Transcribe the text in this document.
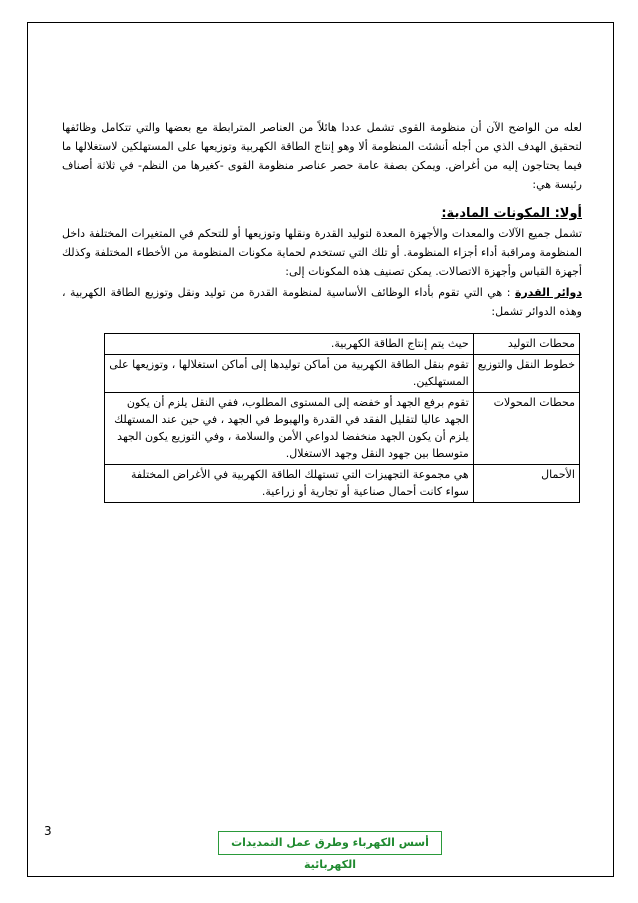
لعله من الواضح الآن أن منظومة القوى تشمل عددا هائلاً من العناصر المترابطة مع بعضها والتي تتكامل وظائفها لتحقيق الهدف الذي من أجله أنشئت المنظومة ألا وهو إنتاج الطاقة الكهربية وتوزيعها على المستهلكين لاستغلالها ما فيما يحتاجون إليه من أغراض. ويمكن بصفة عامة حصر عناصر منظومة القوى -كغيرها من النظم- في ثلاثة أصناف رئيسة هي:

أولا: المكونات المادية:

تشمل جميع الآلات والمعدات والأجهزة المعدة لتوليد القدرة ونقلها وتوزيعها أو للتحكم في المتغيرات المختلفة داخل المنظومة ومراقبة أداء أجزاء المنظومة. أو تلك التي تستخدم لحماية مكونات المنظومة من الأخطاء المختلفة وكذلك أجهزة القياس وأجهزة الاتصالات. يمكن تصنيف هذه المكونات إلى:

دوائر القدرة : هي التي تقوم بأداء الوظائف الأساسية لمنظومة القدرة من توليد ونقل وتوزيع الطاقة الكهربية ، وهذه الدوائر تشمل:

محطات التوليد	حيث يتم إنتاج الطاقة الكهربية.
خطوط النقل والتوزيع	تقوم بنقل الطاقة الكهربية من أماكن توليدها إلى أماكن استغلالها ، وتوزيعها على المستهلكين.
محطات المحولات	تقوم برفع الجهد أو خفضه إلى المستوى المطلوب، ففي النقل يلزم أن يكون الجهد عاليا لتقليل الفقد في القدرة والهبوط في الجهد ، في حين عند المستهلك يلزم أن يكون الجهد منخفضا لدواعي الأمن والسلامة ، وفي التوزيع يكون الجهد متوسطا بين جهود النقل وجهد الاستغلال.
الأحمال	هي مجموعة التجهيزات التي تستهلك الطاقة الكهربية في الأغراض المختلفة سواء كانت أحمال صناعية أو تجارية أو زراعية.
3
أسس الكهرباء وطرق عمل التمديدات الكهربائية
